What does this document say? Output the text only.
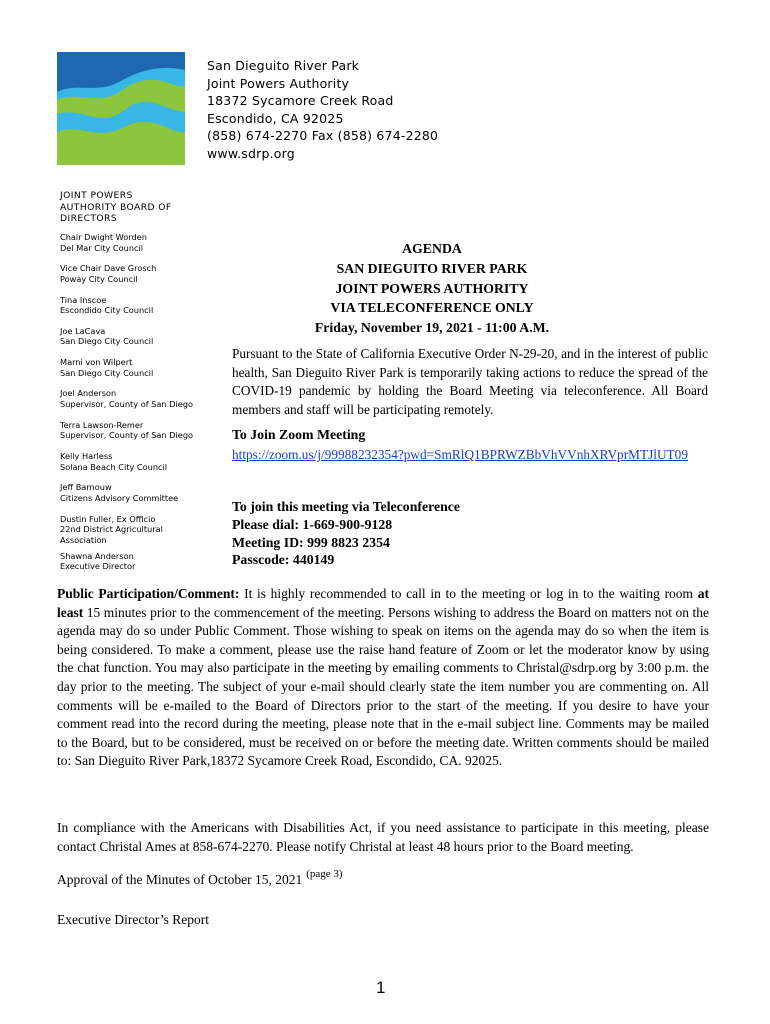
San Dieguito River Park
Joint Powers Authority
18372 Sycamore Creek Road
Escondido, CA 92025
(858) 674-2270 Fax (858) 674-2280
www.sdrp.org
JOINT POWERS AUTHORITY BOARD OF DIRECTORS
Chair Dwight Worden
Del Mar City Council
Vice Chair Dave Grosch
Poway City Council
Tina Inscoe
Escondido City Council
Joe LaCava
San Diego City Council
Marni von Wilpert
San Diego City Council
Joel Anderson
Supervisor, County of San Diego
Terra Lawson-Remer
Supervisor, County of San Diego
Kelly Harless
Solana Beach City Council
Jeff Barnouw
Citizens Advisory Committee
Dustin Fuller, Ex Officio
22nd District Agricultural Association
Shawna Anderson
Executive Director
AGENDA
SAN DIEGUITO RIVER PARK
JOINT POWERS AUTHORITY
VIA TELECONFERENCE ONLY
Friday, November 19, 2021 - 11:00 A.M.
Pursuant to the State of California Executive Order N-29-20, and in the interest of public health, San Dieguito River Park is temporarily taking actions to reduce the spread of the COVID-19 pandemic by holding the Board Meeting via teleconference. All Board members and staff will be participating remotely.
To Join Zoom Meeting
https://zoom.us/j/99988232354?pwd=SmRlQ1BPRWZBbVhVVnhXRVprMTJlUT09
To join this meeting via Teleconference
Please dial: 1-669-900-9128
Meeting ID: 999 8823 2354
Passcode: 440149
Public Participation/Comment: It is highly recommended to call in to the meeting or log in to the waiting room at least 15 minutes prior to the commencement of the meeting. Persons wishing to address the Board on matters not on the agenda may do so under Public Comment. Those wishing to speak on items on the agenda may do so when the item is being considered. To make a comment, please use the raise hand feature of Zoom or let the moderator know by using the chat function. You may also participate in the meeting by emailing comments to Christal@sdrp.org by 3:00 p.m. the day prior to the meeting. The subject of your e-mail should clearly state the item number you are commenting on. All comments will be e-mailed to the Board of Directors prior to the start of the meeting. If you desire to have your comment read into the record during the meeting, please note that in the e-mail subject line. Comments may be mailed to the Board, but to be considered, must be received on or before the meeting date. Written comments should be mailed to: San Dieguito River Park,18372 Sycamore Creek Road, Escondido, CA. 92025.
In compliance with the Americans with Disabilities Act, if you need assistance to participate in this meeting, please contact Christal Ames at 858-674-2270. Please notify Christal at least 48 hours prior to the Board meeting.
Approval of the Minutes of October 15, 2021 $^{(page 3)}$
Executive Director’s Report
1
